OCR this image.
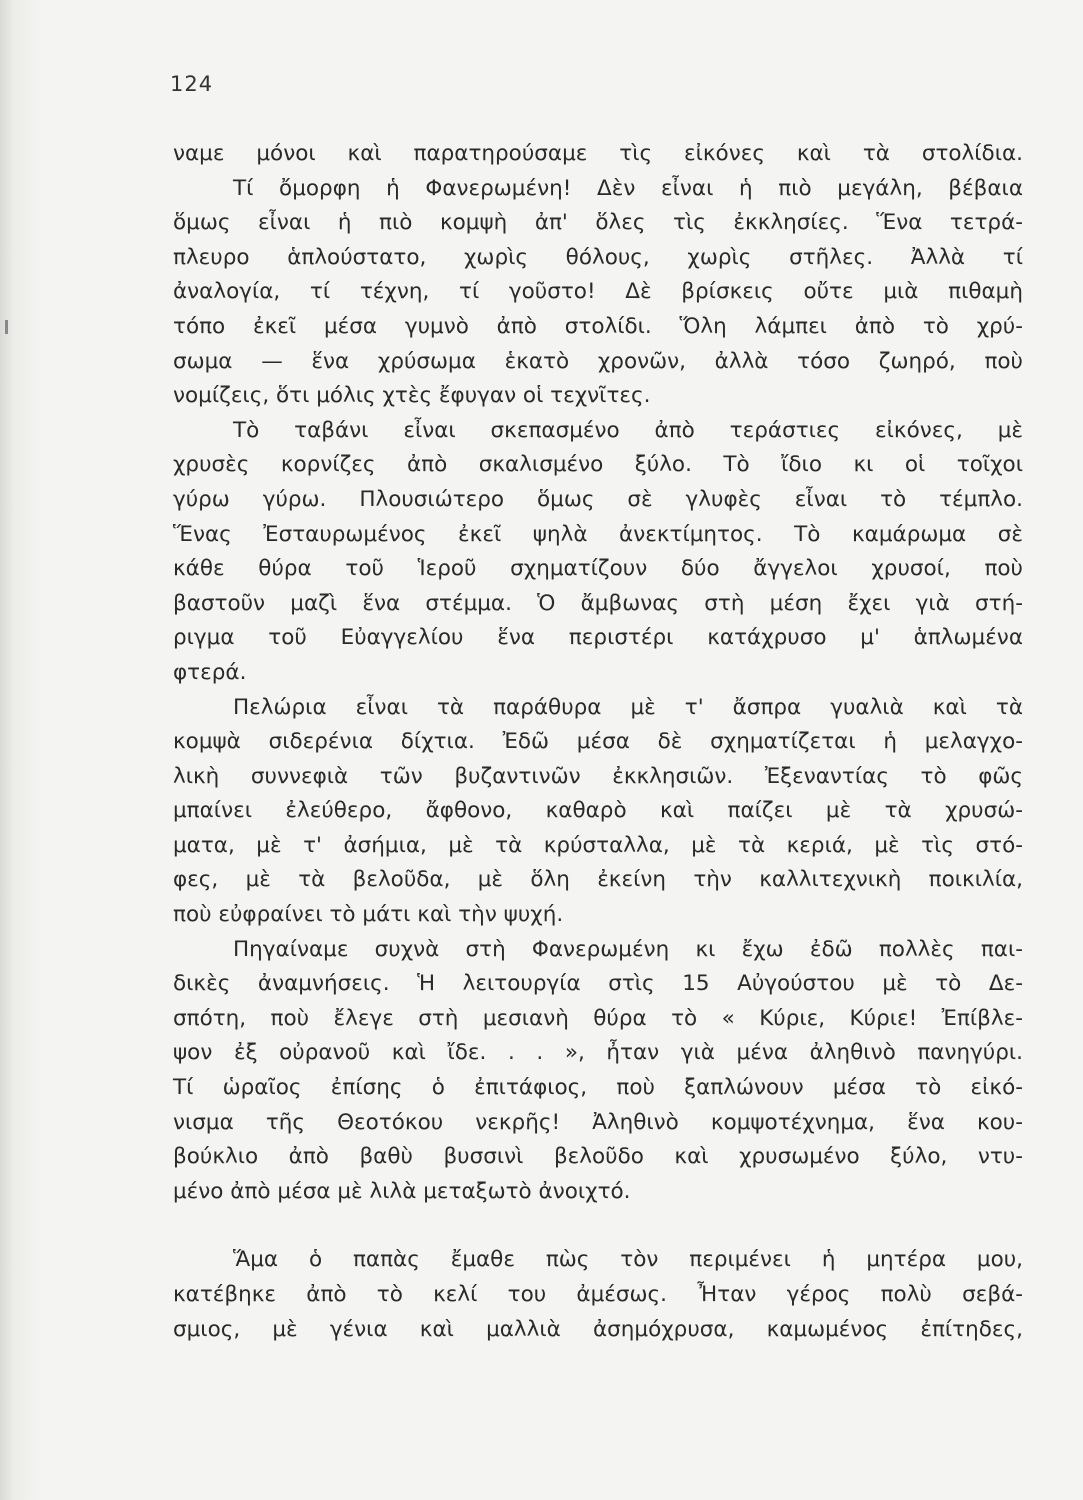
124
ναμε μόνοι καὶ παρατηρούσαμε τὶς εἰκόνες καὶ τὰ στολίδια.
Τί ὄμορφη ἡ Φανερωμένη! Δὲν εἶναι ἡ πιὸ μεγάλη, βέβαια
ὅμως εἶναι ἡ πιὸ κομψὴ ἀπ' ὅλες τὶς ἐκκλησίες. Ἕνα τετρά-
πλευρο ἁπλούστατο, χωρὶς θόλους, χωρὶς στῆλες. Ἀλλὰ τί
ἀναλογία, τί τέχνη, τί γοῦστο! Δὲ βρίσκεις οὔτε μιὰ πιθαμὴ
τόπο ἐκεῖ μέσα γυμνὸ ἀπὸ στολίδι. Ὅλη λάμπει ἀπὸ τὸ χρύ-
σωμα — ἕνα χρύσωμα ἑκατὸ χρονῶν, ἀλλὰ τόσο ζωηρό, ποὺ
νομίζεις, ὅτι μόλις χτὲς ἔφυγαν οἱ τεχνῖτες.
Τὸ ταβάνι εἶναι σκεπασμένο ἀπὸ τεράστιες εἰκόνες, μὲ
χρυσὲς κορνίζες ἀπὸ σκαλισμένο ξύλο. Τὸ ἴδιο κι οἱ τοῖχοι
γύρω γύρω. Πλουσιώτερο ὅμως σὲ γλυφὲς εἶναι τὸ τέμπλο.
Ἕνας Ἐσταυρωμένος ἐκεῖ ψηλὰ ἀνεκτίμητος. Τὸ καμάρωμα σὲ
κάθε θύρα τοῦ Ἱεροῦ σχηματίζουν δύο ἄγγελοι χρυσοί, ποὺ
βαστοῦν μαζὶ ἕνα στέμμα. Ὁ ἄμβωνας στὴ μέση ἔχει γιὰ στή-
ριγμα τοῦ Εὐαγγελίου ἕνα περιστέρι κατάχρυσο μ' ἁπλωμένα
φτερά.
Πελώρια εἶναι τὰ παράθυρα μὲ τ' ἄσπρα γυαλιὰ καὶ τὰ
κομψὰ σιδερένια δίχτια. Ἐδῶ μέσα δὲ σχηματίζεται ἡ μελαγχο-
λικὴ συννεφιὰ τῶν βυζαντινῶν ἐκκλησιῶν. Ἐξεναντίας τὸ φῶς
μπαίνει ἐλεύθερο, ἄφθονο, καθαρὸ καὶ παίζει μὲ τὰ χρυσώ-
ματα, μὲ τ' ἀσήμια, μὲ τὰ κρύσταλλα, μὲ τὰ κεριά, μὲ τὶς στό-
φες, μὲ τὰ βελοῦδα, μὲ ὅλη ἐκείνη τὴν καλλιτεχνικὴ ποικιλία,
ποὺ εὐφραίνει τὸ μάτι καὶ τὴν ψυχή.
Πηγαίναμε συχνὰ στὴ Φανερωμένη κι ἔχω ἐδῶ πολλὲς παι-
δικὲς ἀναμνήσεις. Ἡ λειτουργία στὶς 15 Αὐγούστου μὲ τὸ Δε-
σπότη, ποὺ ἔλεγε στὴ μεσιανὴ θύρα τὸ « Κύριε, Κύριε! Ἐπίβλε-
ψον ἐξ οὐρανοῦ καὶ ἴδε. . . », ἦταν γιὰ μένα ἀληθινὸ πανηγύρι.
Τί ὡραῖος ἐπίσης ὁ ἐπιτάφιος, ποὺ ξαπλώνουν μέσα τὸ εἰκό-
νισμα τῆς Θεοτόκου νεκρῆς! Ἀληθινὸ κομψοτέχνημα, ἕνα κου-
βούκλιο ἀπὸ βαθὺ βυσσινὶ βελοῦδο καὶ χρυσωμένο ξύλο, ντυ-
μένο ἀπὸ μέσα μὲ λιλὰ μεταξωτὸ ἀνοιχτό.
Ἅμα ὁ παπὰς ἔμαθε πὼς τὸν περιμένει ἡ μητέρα μου,
κατέβηκε ἀπὸ τὸ κελί του ἀμέσως. Ἦταν γέρος πολὺ σεβά-
σμιος, μὲ γένια καὶ μαλλιὰ ἀσημόχρυσα, καμωμένος ἐπίτηδες,
